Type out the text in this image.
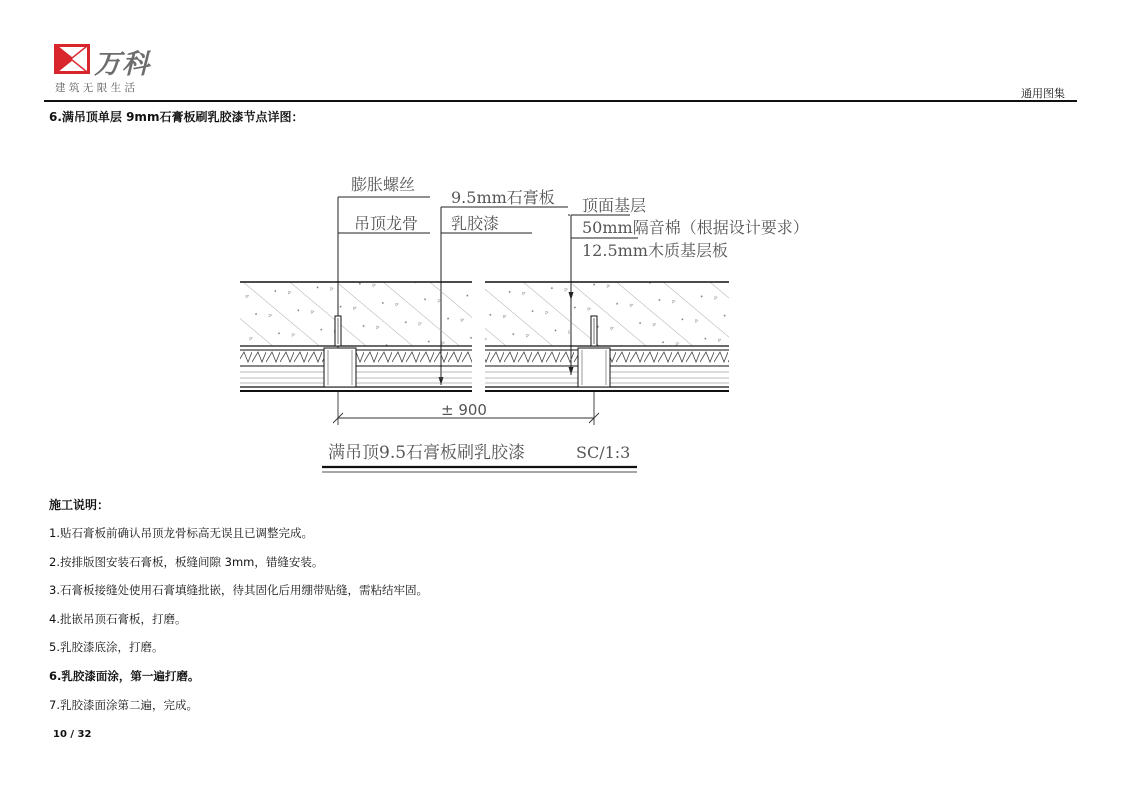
万科
建筑无限生活	通用图集
6.满吊顶单层 9mm石膏板刷乳胶漆节点详图：
膨胀螺丝
吊顶龙骨
9.5mm石膏板
乳胶漆
顶面基层
50mm隔音棉（根据设计要求）
12.5mm木质基层板
± 900
满吊顶9.5石膏板刷乳胶漆	SC/1:3
施工说明：
1.贴石膏板前确认吊顶龙骨标高无误且已调整完成。
2.按排版图安装石膏板，板缝间隙 3mm，错缝安装。
3.石膏板接缝处使用石膏填缝批嵌，待其固化后用绷带贴缝，需粘结牢固。
4.批嵌吊顶石膏板，打磨。
5.乳胶漆底涂，打磨。
6.乳胶漆面涂，第一遍打磨。
7.乳胶漆面涂第二遍，完成。
10 / 32
